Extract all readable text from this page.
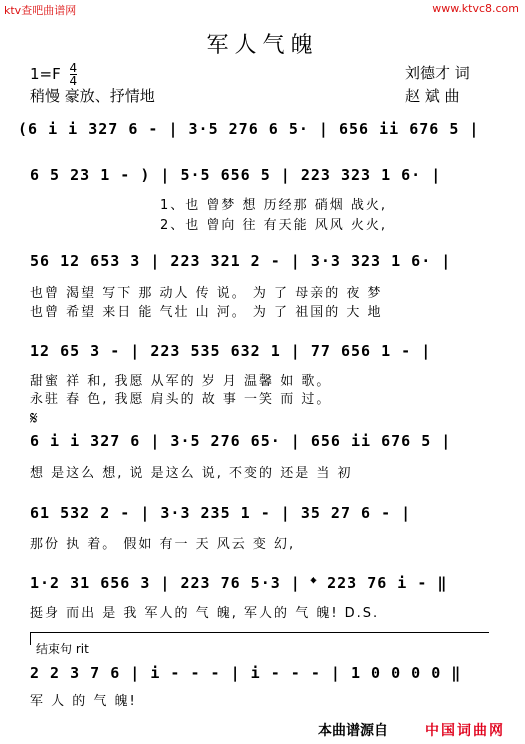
ktv查吧曲谱网	www.ktvc8.com
军人气魄
$1=F \frac{4}{4}$
稍慢 豪放、抒情地
刘德才 词
赵 斌 曲
(6 i i 327 6 - | 3·5 276 6 5· | 656 ii 676 5 |
6 5 23 1 - ) | 5·5 656 5 | 223 323 1 6· |
1、也 曾梦 想 历经那 硝烟 战火,
2、也 曾向 往 有天能 风风 火火,
56 12 653 3 | 223 321 2 - | 3·3 323 1 6· |
也曾 渴望 写下 那 动人 传 说。 为 了 母亲的 夜 梦
也曾 希望 来日 能 气壮 山 河。 为 了 祖国的 大 地
12 65 3 - | 223 535 632 1 | 77 656 1 - |
甜蜜 祥 和, 我愿 从军的 岁 月 温馨 如 歌。
永驻 春 色, 我愿 肩头的 故 事 一笑 而 过。
𝄋
6 i i 327 6 | 3·5 276 65· | 656 ii 676 5 |
想 是这么 想, 说 是这么 说, 不变的 还是 当 初
61 532 2 - | 3·3 235 1 - | 35 27 6 - |
那份 执 着。 假如 有一 天 风云 变 幻,
1·2 31 656 3 | 223 76 5·3 | 𝄌 223 76 i - ‖
挺身 而出 是 我 军人的 气 魄, 军人的 气 魄! D.S.
结束句 rit
2 2 3 7 6 | i - - - | i - - - | 1 0 0 0 0 ‖
军 人 的 气 魄!
本曲谱源自	中国词曲网
